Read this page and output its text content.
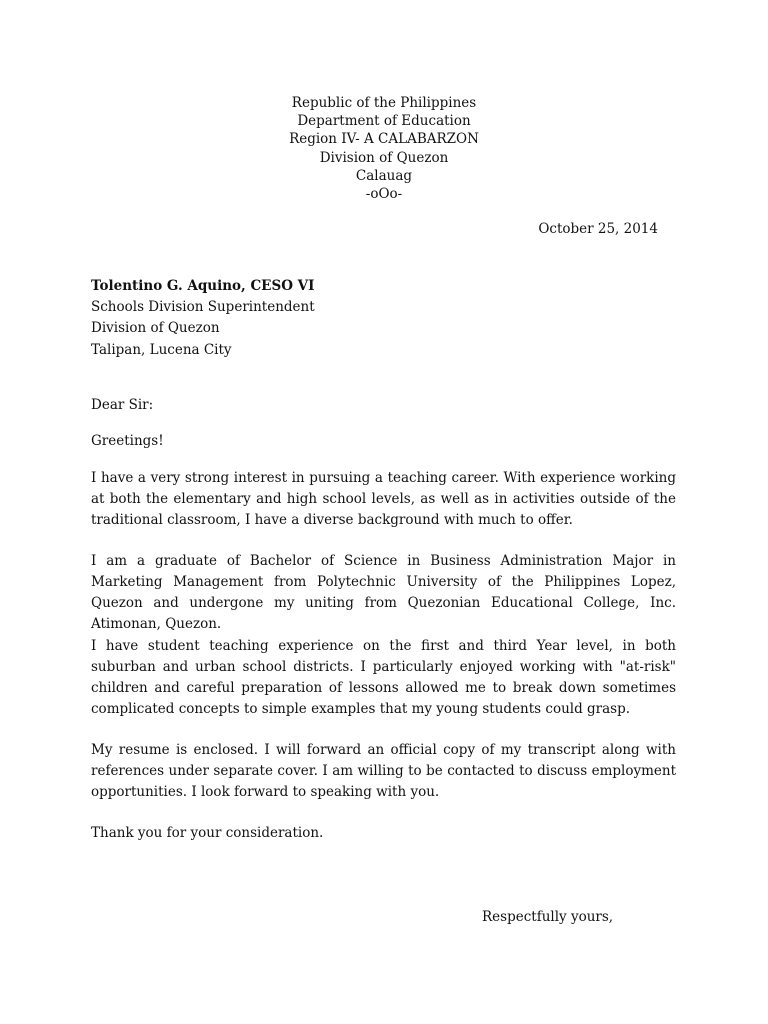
Republic of the Philippines
Department of Education
Region IV- A CALABARZON
Division of Quezon
Calauag
-oOo-
October 25, 2014
Tolentino G. Aquino, CESO VI
Schools Division Superintendent
Division of Quezon
Talipan, Lucena City
Dear Sir:
Greetings!
I have a very strong interest in pursuing a teaching career. With experience working at both the elementary and high school levels, as well as in activities outside of the traditional classroom, I have a diverse background with much to offer.
I am a graduate of Bachelor of Science in Business Administration Major in Marketing Management from Polytechnic University of the Philippines Lopez, Quezon and undergone my uniting from Quezonian Educational College, Inc. Atimonan, Quezon.
I have student teaching experience on the first and third Year level, in both suburban and urban school districts. I particularly enjoyed working with "at-risk" children and careful preparation of lessons allowed me to break down sometimes complicated concepts to simple examples that my young students could grasp.
My resume is enclosed. I will forward an official copy of my transcript along with references under separate cover. I am willing to be contacted to discuss employment opportunities. I look forward to speaking with you.
Thank you for your consideration.
Respectfully yours,
